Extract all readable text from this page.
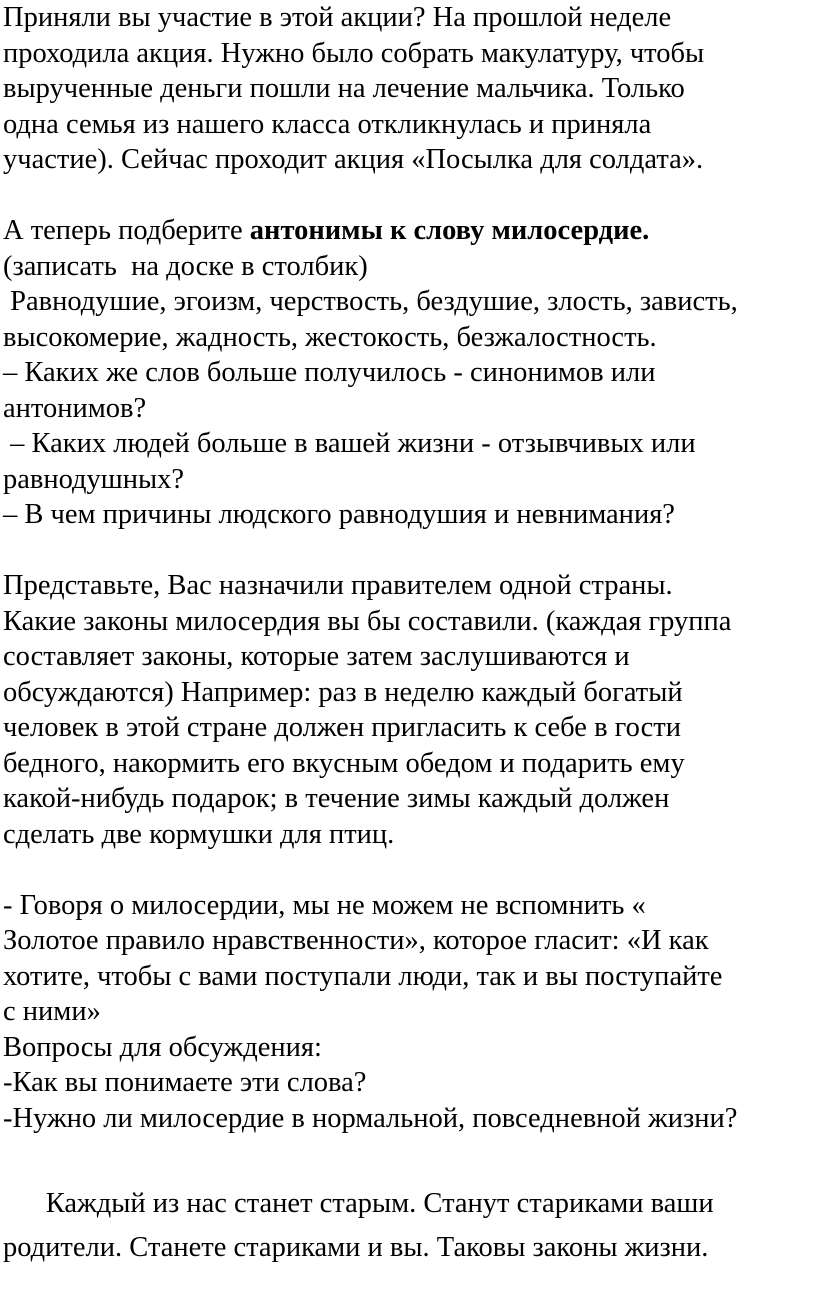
Приняли вы участие в этой акции? На прошлой неделе
проходила акция. Нужно было собрать макулатуру, чтобы
вырученные деньги пошли на лечение мальчика. Только
одна семья из нашего класса откликнулась и приняла
участие). Сейчас проходит акция «Посылка для солдата».
А теперь подберите антонимы к слову милосердие.
(записать  на доске в столбик)
Равнодушие, эгоизм, черствость, бездушие, злость, зависть,
высокомерие, жадность, жестокость, безжалостность.
– Каких же слов больше получилось - синонимов или
антонимов?
– Каких людей больше в вашей жизни - отзывчивых или
равнодушных?
– В чем причины людского равнодушия и невнимания?
Представьте, Вас назначили правителем одной страны.
Какие законы милосердия вы бы составили. (каждая группа
составляет законы, которые затем заслушиваются и
обсуждаются) Например: раз в неделю каждый богатый
человек в этой стране должен пригласить к себе в гости
бедного, накормить его вкусным обедом и подарить ему
какой-нибудь подарок; в течение зимы каждый должен
сделать две кормушки для птиц.
- Говоря о милосердии, мы не можем не вспомнить «
Золотое правило нравственности», которое гласит: «И как
хотите, чтобы с вами поступали люди, так и вы поступайте
с ними»
Вопросы для обсуждения:
-Как вы понимаете эти слова?
-Нужно ли милосердие в нормальной, повседневной жизни?
Каждый из нас станет старым. Станут стариками ваши
родители. Станете стариками и вы. Таковы законы жизни.
